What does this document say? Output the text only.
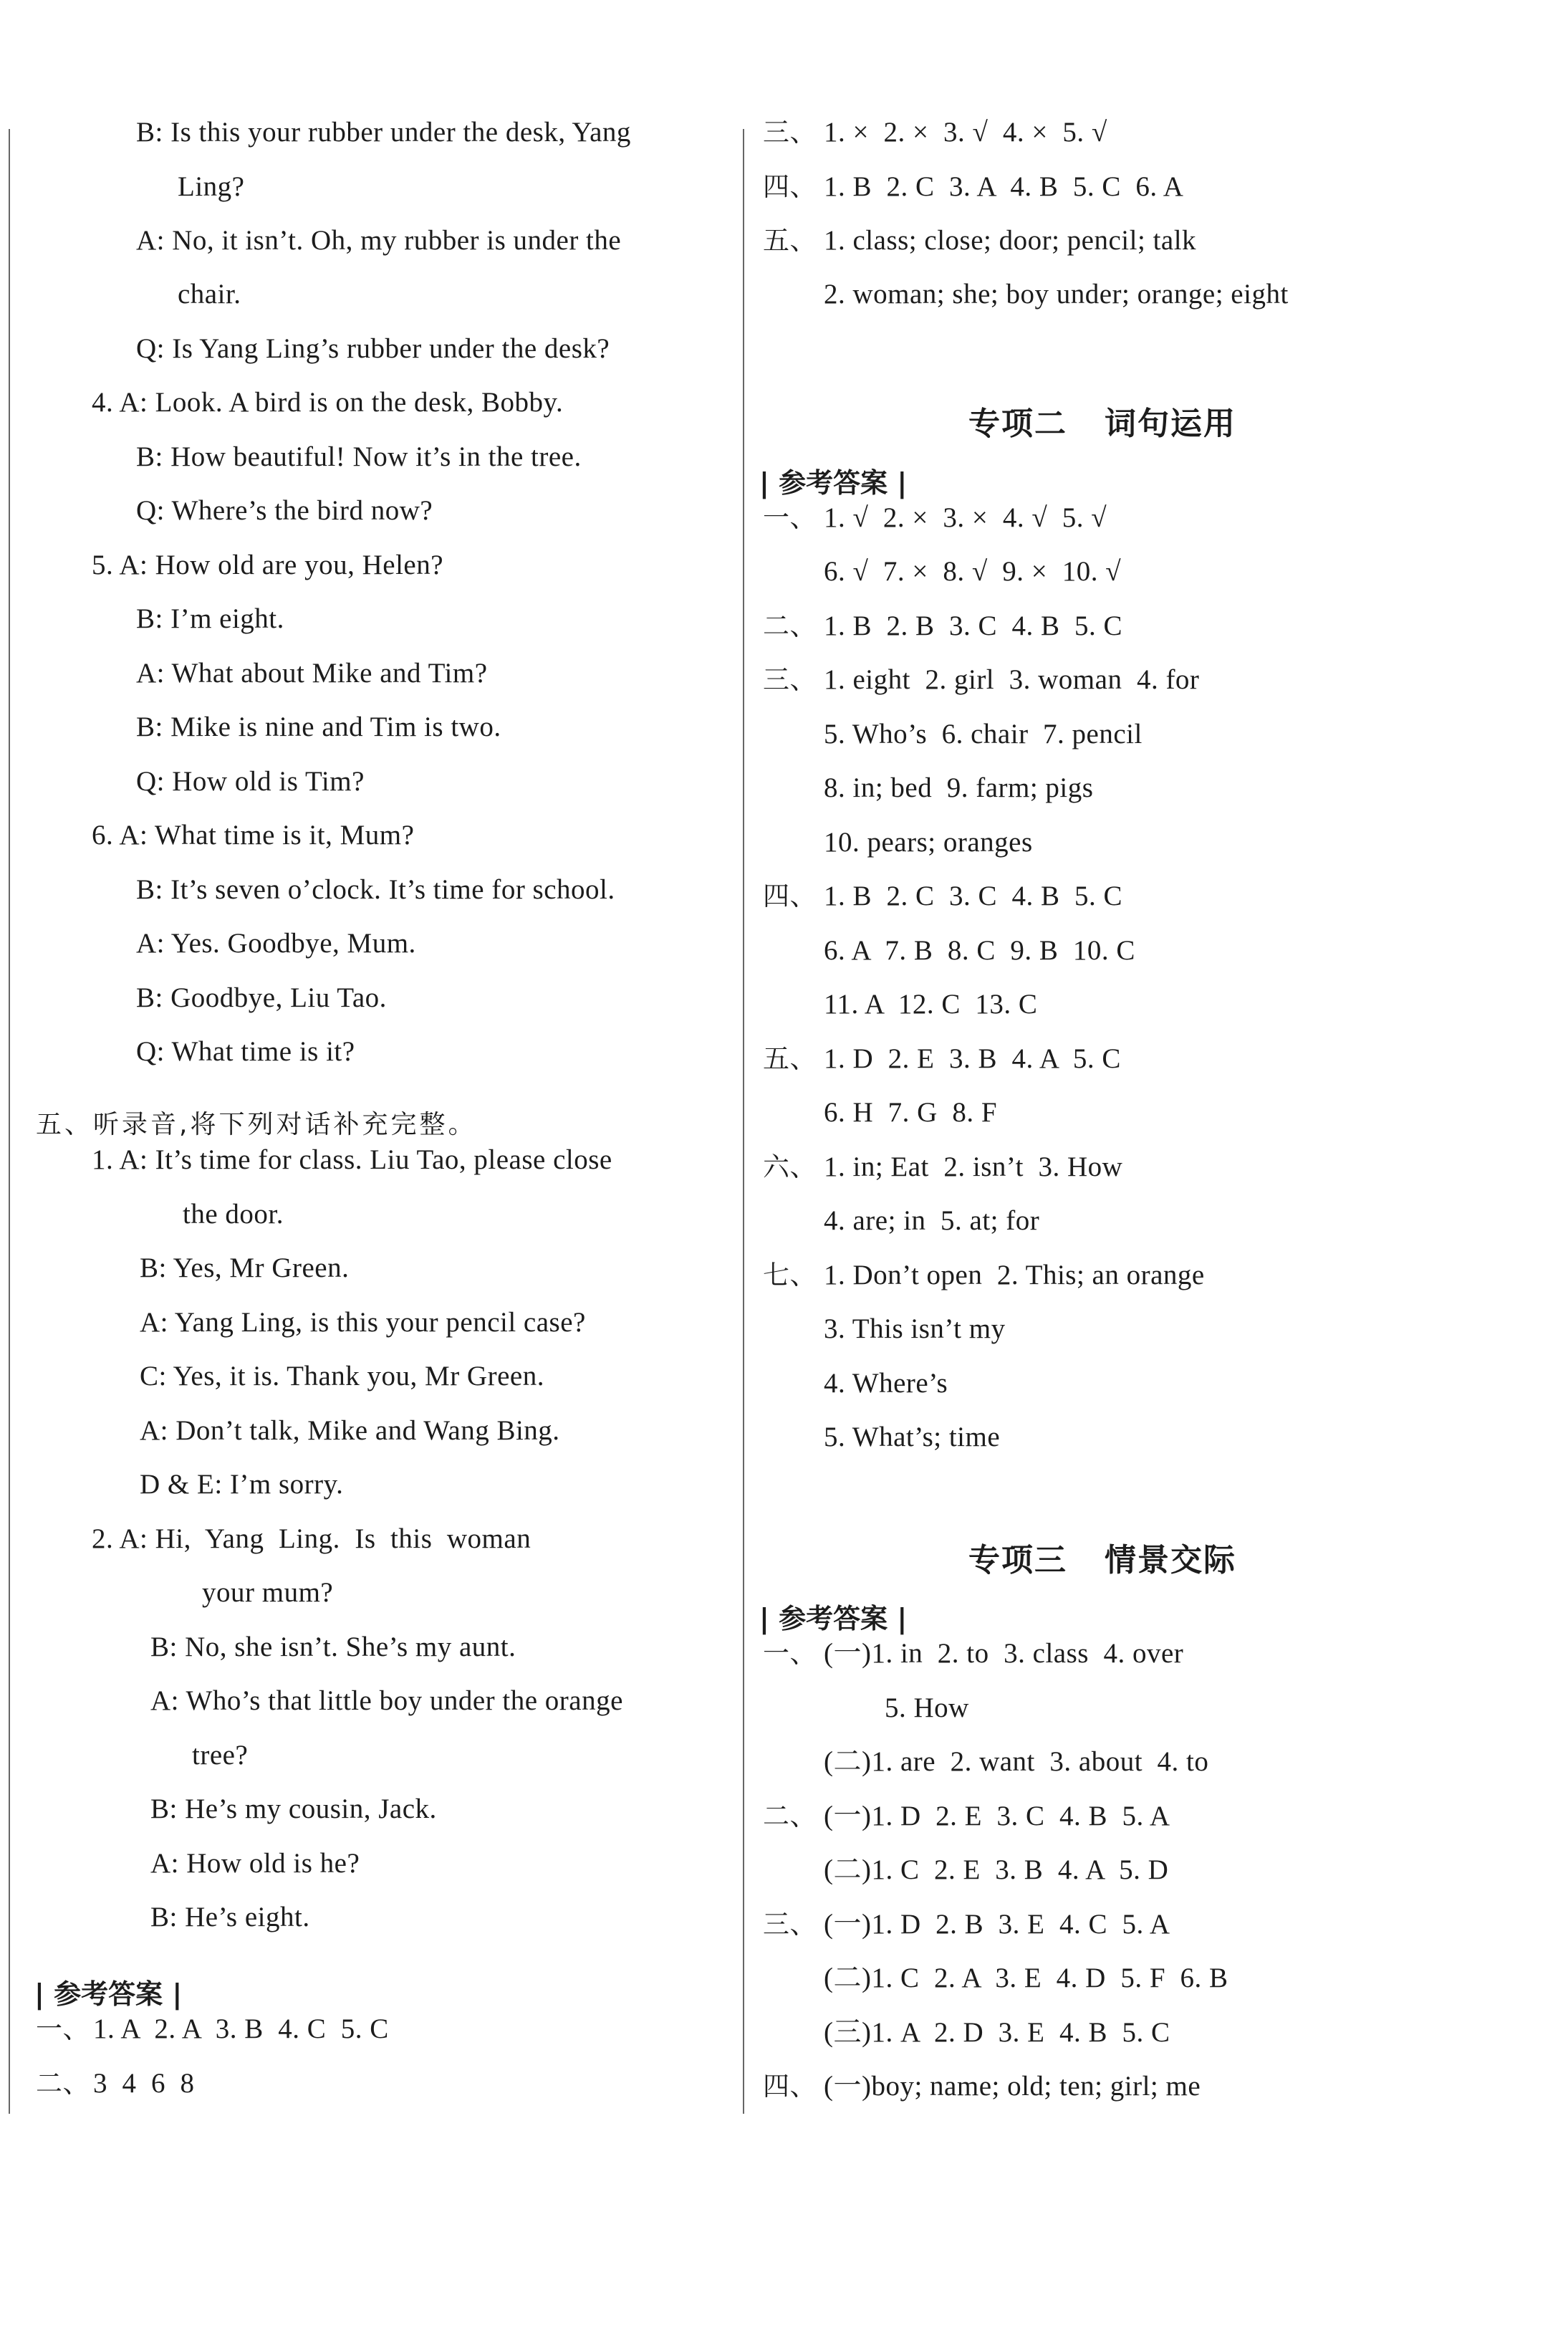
五、听录音,将下列对话补充完整。
| 参考答案 |
专项二   词句运用
| 参考答案 |
专项三   情景交际
| 参考答案 |
B: Is this your rubber under the desk, Yang
Ling?
A: No, it isn’t. Oh, my rubber is under the
chair.
Q: Is Yang Ling’s rubber under the desk?
4. A: Look. A bird is on the desk, Bobby.
B: How beautiful! Now it’s in the tree.
Q: Where’s the bird now?
5. A: How old are you, Helen?
B: I’m eight.
A: What about Mike and Tim?
B: Mike is nine and Tim is two.
Q: How old is Tim?
6. A: What time is it, Mum?
B: It’s seven o’clock. It’s time for school.
A: Yes. Goodbye, Mum.
B: Goodbye, Liu Tao.
Q: What time is it?
1. A: It’s time for class. Liu Tao, please close
the door.
B: Yes, Mr Green.
A: Yang Ling, is this your pencil case?
C: Yes, it is. Thank you, Mr Green.
A: Don’t talk, Mike and Wang Bing.
D & E: I’m sorry.
2. A: Hi,  Yang  Ling.  Is  this  woman
your mum?
B: No, she isn’t. She’s my aunt.
A: Who’s that little boy under the orange
tree?
B: He’s my cousin, Jack.
A: How old is he?
B: He’s eight.
一、 1. A  2. A  3. B  4. C  5. C
二、 3  4  6  8
三、 1. ×  2. ×  3. √  4. ×  5. √
四、 1. B  2. C  3. A  4. B  5. C  6. A
五、 1. class; close; door; pencil; talk
2. woman; she; boy under; orange; eight
一、 1. √  2. ×  3. ×  4. √  5. √
6. √  7. ×  8. √  9. ×  10. √
二、 1. B  2. B  3. C  4. B  5. C
三、 1. eight  2. girl  3. woman  4. for
5. Who’s  6. chair  7. pencil
8. in; bed  9. farm; pigs
10. pears; oranges
四、 1. B  2. C  3. C  4. B  5. C
6. A  7. B  8. C  9. B  10. C
11. A  12. C  13. C
五、 1. D  2. E  3. B  4. A  5. C
6. H  7. G  8. F
六、 1. in; Eat  2. isn’t  3. How
4. are; in  5. at; for
七、 1. Don’t open  2. This; an orange
3. This isn’t my
4. Where’s
5. What’s; time
一、 (一)1. in  2. to  3. class  4. over
5. How
(二)1. are  2. want  3. about  4. to
二、 (一)1. D  2. E  3. C  4. B  5. A
(二)1. C  2. E  3. B  4. A  5. D
三、 (一)1. D  2. B  3. E  4. C  5. A
(二)1. C  2. A  3. E  4. D  5. F  6. B
(三)1. A  2. D  3. E  4. B  5. C
四、 (一)boy; name; old; ten; girl; me
